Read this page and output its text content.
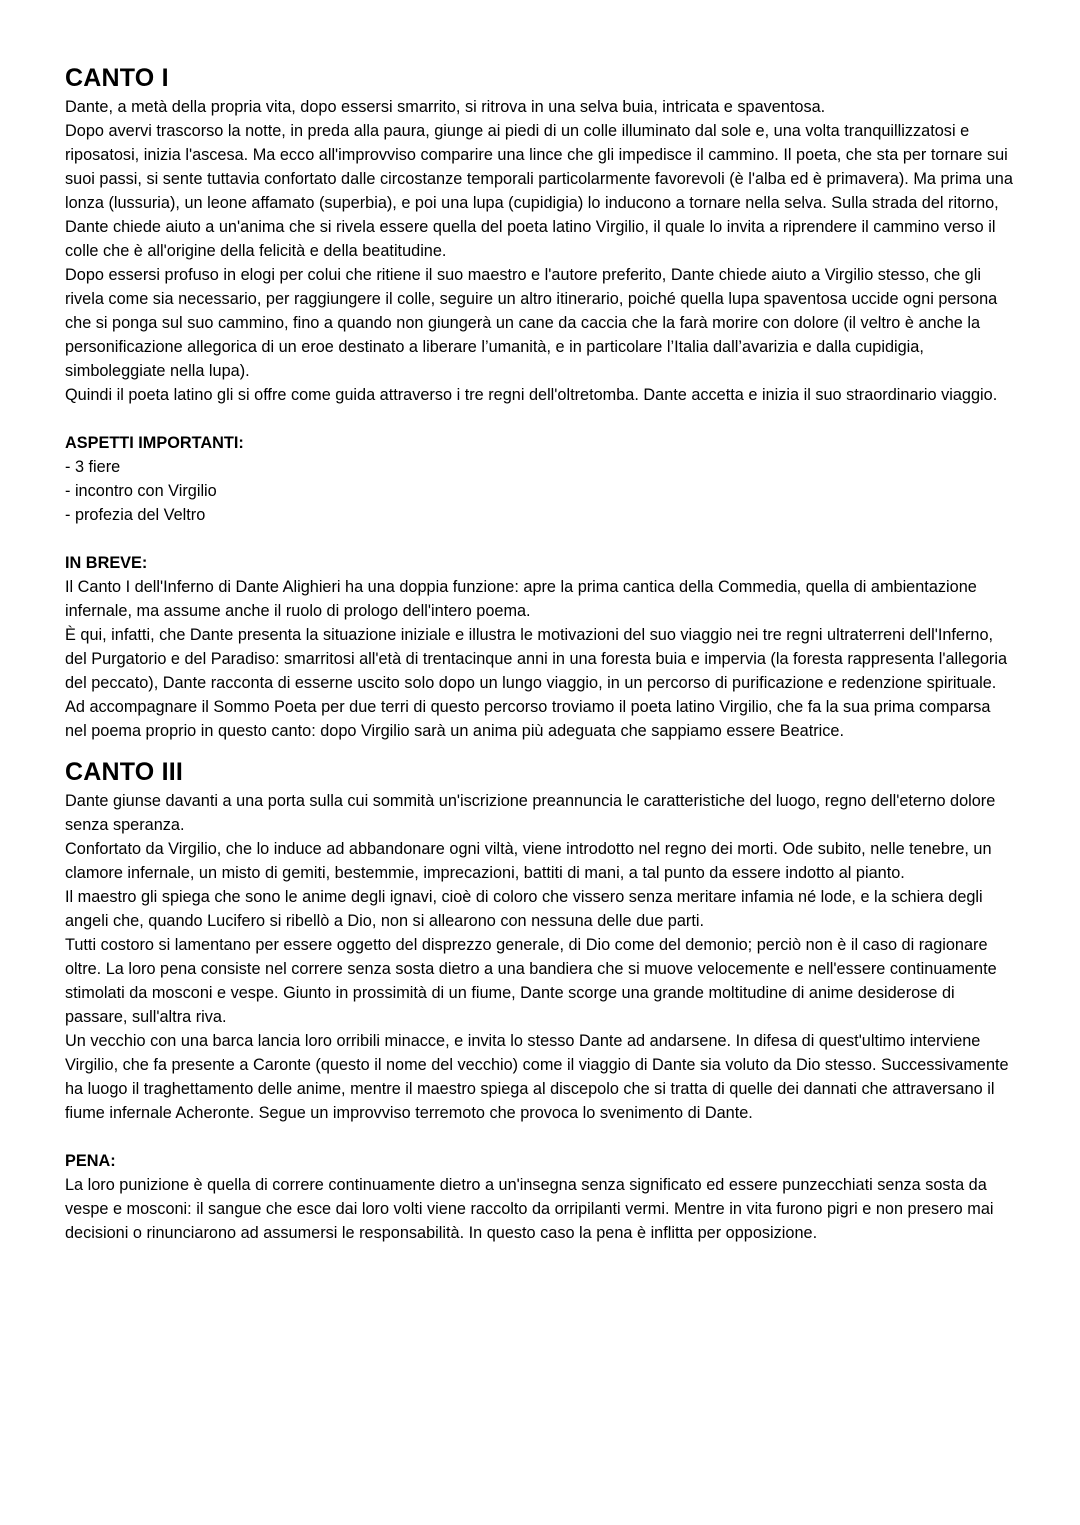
CANTO I

Dante, a metà della propria vita, dopo essersi smarrito, si ritrova in una selva buia, intricata e spaventosa.

Dopo avervi trascorso la notte, in preda alla paura, giunge ai piedi di un colle illuminato dal sole e, una volta tranquillizzatosi e riposatosi, inizia l'ascesa. Ma ecco all'improvviso comparire una lince che gli impedisce il cammino. Il poeta, che sta per tornare sui suoi passi, si sente tuttavia confortato dalle circostanze temporali particolarmente favorevoli (è l'alba ed è primavera). Ma prima una lonza (lussuria), un leone affamato (superbia), e poi una lupa (cupidigia) lo inducono a tornare nella selva. Sulla strada del ritorno, Dante chiede aiuto a un'anima che si rivela essere quella del poeta latino Virgilio, il quale lo invita a riprendere il cammino verso il colle che è all'origine della felicità e della beatitudine.

Dopo essersi profuso in elogi per colui che ritiene il suo maestro e l'autore preferito, Dante chiede aiuto a Virgilio stesso, che gli rivela come sia necessario, per raggiungere il colle, seguire un altro itinerario, poiché quella lupa spaventosa uccide ogni persona che si ponga sul suo cammino, fino a quando non giungerà un cane da caccia che la farà morire con dolore (il veltro è anche la personificazione allegorica di un eroe destinato a liberare l’umanità, e in particolare l’Italia dall’avarizia e dalla cupidigia, simboleggiate nella lupa).

Quindi il poeta latino gli si offre come guida attraverso i tre regni dell'oltretomba. Dante accetta e inizia il suo straordinario viaggio.

ASPETTI IMPORTANTI:

- 3 fiere

- incontro con Virgilio

- profezia del Veltro

IN BREVE:

Il Canto I dell'Inferno di Dante Alighieri ha una doppia funzione: apre la prima cantica della Commedia, quella di ambientazione infernale, ma assume anche il ruolo di prologo dell'intero poema.

È qui, infatti, che Dante presenta la situazione iniziale e illustra le motivazioni del suo viaggio nei tre regni ultraterreni dell'Inferno, del Purgatorio e del Paradiso: smarritosi all'età di trentacinque anni in una foresta buia e impervia (la foresta rappresenta l'allegoria del peccato), Dante racconta di esserne uscito solo dopo un lungo viaggio, in un percorso di purificazione e redenzione spirituale. Ad accompagnare il Sommo Poeta per due terri di questo percorso troviamo il poeta latino Virgilio, che fa la sua prima comparsa nel poema proprio in questo canto: dopo Virgilio sarà un anima più adeguata che sappiamo essere Beatrice.

CANTO III

Dante giunse davanti a una porta sulla cui sommità un'iscrizione preannuncia le caratteristiche del luogo, regno dell'eterno dolore senza speranza.

Confortato da Virgilio, che lo induce ad abbandonare ogni viltà, viene introdotto nel regno dei morti. Ode subito, nelle tenebre, un clamore infernale, un misto di gemiti, bestemmie, imprecazioni, battiti di mani, a tal punto da essere indotto al pianto.

Il maestro gli spiega che sono le anime degli ignavi, cioè di coloro che vissero senza meritare infamia né lode, e la schiera degli angeli che, quando Lucifero si ribellò a Dio, non si allearono con nessuna delle due parti.

Tutti costoro si lamentano per essere oggetto del disprezzo generale, di Dio come del demonio; perciò non è il caso di ragionare oltre. La loro pena consiste nel correre senza sosta dietro a una bandiera che si muove velocemente e nell'essere continuamente stimolati da mosconi e vespe. Giunto in prossimità di un fiume, Dante scorge una grande moltitudine di anime desiderose di passare, sull'altra riva.

Un vecchio con una barca lancia loro orribili minacce, e invita lo stesso Dante ad andarsene. In difesa di quest'ultimo interviene Virgilio, che fa presente a Caronte (questo il nome del vecchio) come il viaggio di Dante sia voluto da Dio stesso. Successivamente ha luogo il traghettamento delle anime, mentre il maestro spiega al discepolo che si tratta di quelle dei dannati che attraversano il fiume infernale Acheronte. Segue un improvviso terremoto che provoca lo svenimento di Dante.

PENA:

La loro punizione è quella di correre continuamente dietro a un'insegna senza significato ed essere punzecchiati senza sosta da vespe e mosconi: il sangue che esce dai loro volti viene raccolto da orripilanti vermi. Mentre in vita furono pigri e non presero mai decisioni o rinunciarono ad assumersi le responsabilità. In questo caso la pena è inflitta per opposizione.
